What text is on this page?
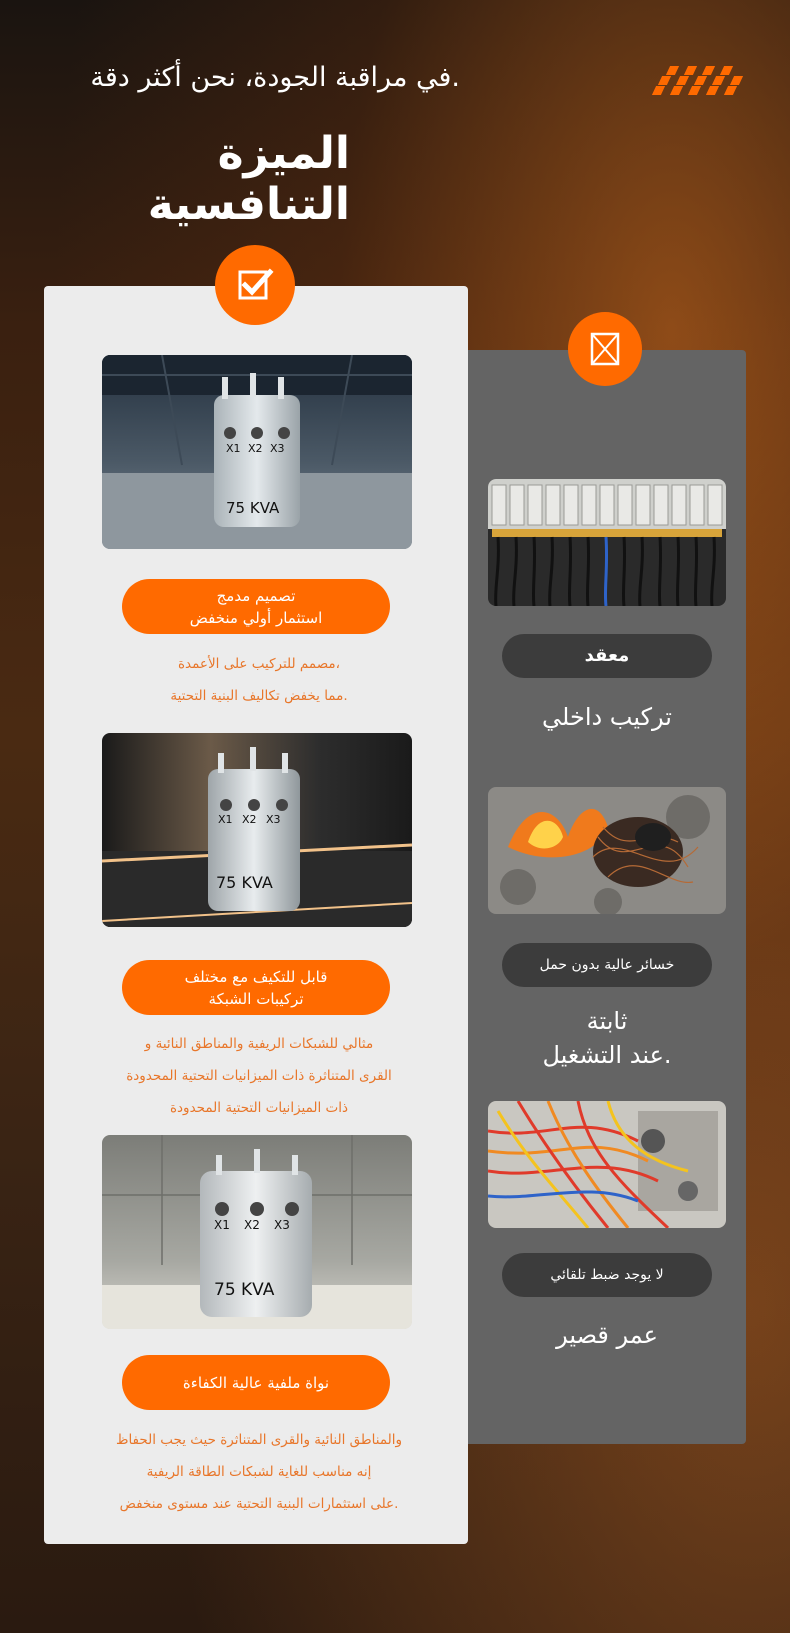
.في مراقبة الجودة، نحن أكثر دقة
الميزة التنافسية
X1 X2 X3
75 KVA
تصميم مدمج
استثمار أولي منخفض
،مصمم للتركيب على الأعمدة
.مما يخفض تكاليف البنية التحتية
X1 X2 X3
75 KVA
قابل للتكيف مع مختلف
تركيبات الشبكة
مثالي للشبكات الريفية والمناطق النائية و
القرى المتناثرة ذات الميزانيات التحتية المحدودة
ذات الميزانيات التحتية المحدودة
X1 X2 X3
75 KVA
نواة ملفية عالية الكفاءة
والمناطق النائية والقرى المتناثرة حيث يجب الحفاظ
إنه مناسب للغاية لشبكات الطاقة الريفية
.على استثمارات البنية التحتية عند مستوى منخفض
معقد
تركيب داخلي
خسائر عالية بدون حمل
ثابتة
.عند التشغيل
لا يوجد ضبط تلقائي
عمر قصير
